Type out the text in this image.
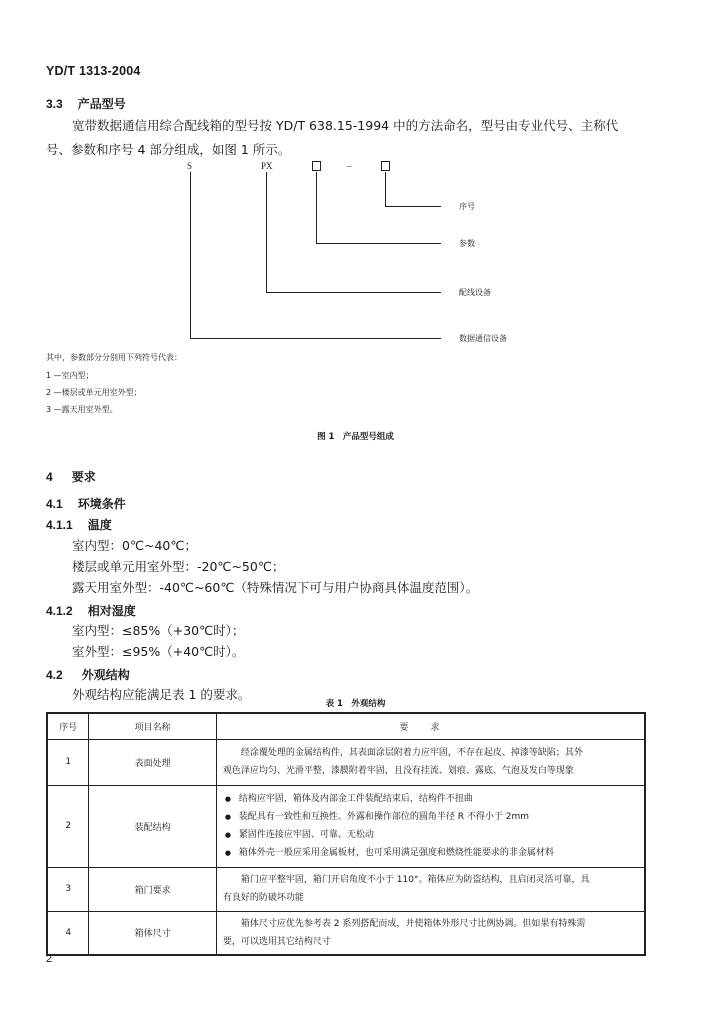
YD/T 1313-2004
3.3 产品型号
宽带数据通信用综合配线箱的型号按 YD/T 638.15-1994 中的方法命名，型号由专业代号、主称代
号、参数和序号 4 部分组成，如图 1 所示。
S	PX	–
序号
参数
配线设备
数据通信设备
其中，参数部分分别用下列符号代表：
1 —室内型；
2 —楼层或单元用室外型；
3 —露天用室外型。
图 1　产品型号组成
4 要求
4.1 环境条件
4.1.1 温度
室内型：0℃~40℃；
楼层或单元用室外型：-20℃~50℃；
露天用室外型：-40℃~60℃（特殊情况下可与用户协商具体温度范围）。
4.1.2 相对湿度
室内型：≤85%（+30℃时）；
室外型：≤95%（+40℃时）。
4.2 外观结构
外观结构应能满足表 1 的要求。
表 1　外观结构
序号	项目名称	要求
1	表面处理	经涂覆处理的金属结构件，其表面涂层附着力应牢固，不存在起皮、掉漆等缺陷；其外
观色泽应均匀、光滑平整，漆膜附着牢固，且没有挂流、划痕、露底、气泡及发白等现象

2	装配结构	● 结构应牢固，箱体及内部金工件装配结束后，结构件不扭曲
● 装配具有一致性和互换性。外露和操作部位的圆角半径 R 不得小于 2mm
● 紧固件连接应牢固、可靠、无松动
● 箱体外壳一般应采用金属板材，也可采用满足强度和燃烧性能要求的非金属材料

3	箱门要求	箱门应平整牢固，箱门开启角度不小于 110°。箱体应为防盗结构，且启闭灵活可靠，具
有良好的防破坏功能

4	箱体尺寸	箱体尺寸应优先参考表 2 系列搭配而成，并使箱体外形尺寸比例协调。但如果有特殊需
要，可以选用其它结构尺寸
2
